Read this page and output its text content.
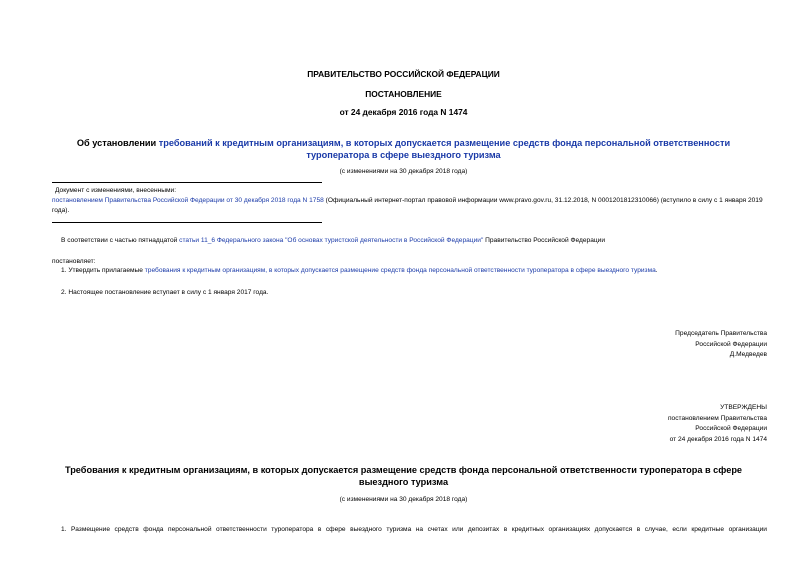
ПРАВИТЕЛЬСТВО РОССИЙСКОЙ ФЕДЕРАЦИИ
ПОСТАНОВЛЕНИЕ
от 24 декабря 2016 года N 1474
Об установлении требований к кредитным организациям, в которых допускается размещение средств фонда персональной ответственности туроператора в сфере выездного туризма
(с изменениями на 30 декабря 2018 года)
Документ с изменениями, внесенными:
постановлением Правительства Российской Федерации от 30 декабря 2018 года N 1758 (Официальный интернет-портал правовой информации www.pravo.gov.ru, 31.12.2018, N 0001201812310066) (вступило в силу с 1 января 2019 года).
В соответствии с частью пятнадцатой статьи 11_6 Федерального закона "Об основах туристской деятельности в Российской Федерации" Правительство Российской Федерации
постановляет:
1. Утвердить прилагаемые требования к кредитным организациям, в которых допускается размещение средств фонда персональной ответственности туроператора в сфере выездного туризма.
2. Настоящее постановление вступает в силу с 1 января 2017 года.
Председатель Правительства
Российской Федерации
Д.Медведев
УТВЕРЖДЕНЫ
постановлением Правительства
Российской Федерации
от 24 декабря 2016 года N 1474
Требования к кредитным организациям, в которых допускается размещение средств фонда персональной ответственности туроператора в сфере выездного туризма
(с изменениями на 30 декабря 2018 года)
1. Размещение средств фонда персональной ответственности туроператора в сфере выездного туризма на счетах или депозитах в кредитных организациях допускается в случае, если кредитные организации
